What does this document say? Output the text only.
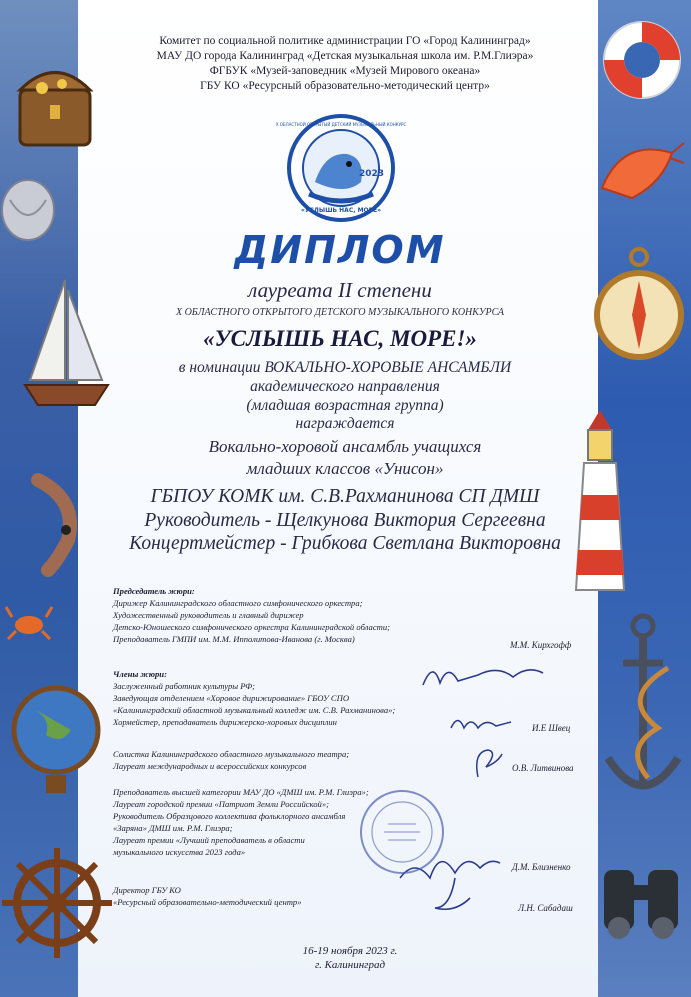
Комитет по социальной политике администрации ГО «Город Калининград»
МАУ ДО города Калининград «Детская музыкальная школа им. Р.М.Глиэра»
ФГБУК «Музей-заповедник «Музей Мирового океана»
ГБУ КО «Ресурсный образовательно-методический центр»
2023
«УСЛЫШЬ НАС, МОРЕ»
X ОБЛАСТНОЙ ОТКРЫТЫЙ ДЕТСКИЙ МУЗЫКАЛЬНЫЙ КОНКУРС
ДИПЛОМ
лауреата II степени
X ОБЛАСТНОГО ОТКРЫТОГО ДЕТСКОГО МУЗЫКАЛЬНОГО КОНКУРСА
«УСЛЫШЬ НАС, МОРЕ!»
в номинации ВОКАЛЬНО-ХОРОВЫЕ АНСАМБЛИ
академического направления
(младшая возрастная группа)
награждается
Вокально-хоровой ансамбль учащихся
младших классов «Унисон»
ГБПОУ КОМК им. С.В.Рахманинова СП ДМШ
Руководитель - Щелкунова Виктория Сергеевна
Концертмейстер - Грибкова Светлана Викторовна
Председатель жюри:
Дирижер Калининградского областного симфонического оркестра;
Художественный руководитель и главный дирижер
Детско-Юношеского симфонического оркестра Калининградской области;
Преподаватель ГМПИ им. М.М. Ипполитова-Иванова (г. Москва)
М.М. Кирхгофф
Члены жюри:
Заслуженный работник культуры РФ;
Заведующая отделением «Хоровое дирижирование» ГБОУ СПО
«Калининградский областной музыкальный колледж им. С.В. Рахманинова»;
Хормейстер, преподаватель дирижерско-хоровых дисциплин
И.Е Швец
Солистка Калининградского областного музыкального театра;
Лауреат международных и всероссийских конкурсов	О.В. Литвинова
Преподаватель высшей категории МАУ ДО «ДМШ им. Р.М. Глиэра»;
Лауреат городской премии «Патриот Земли Российской»;
Руководитель Образцового коллектива фольклорного ансамбля
«Заряна» ДМШ им. Р.М. Глиэра;
Лауреат премии «Лучший преподаватель в области
музыкального искусства 2023 года»
Д.М. Близненко
Директор ГБУ КО
«Ресурсный образовательно-методический центр»
Л.Н. Сабадаш
16-19 ноября 2023 г.
г. Калининград
